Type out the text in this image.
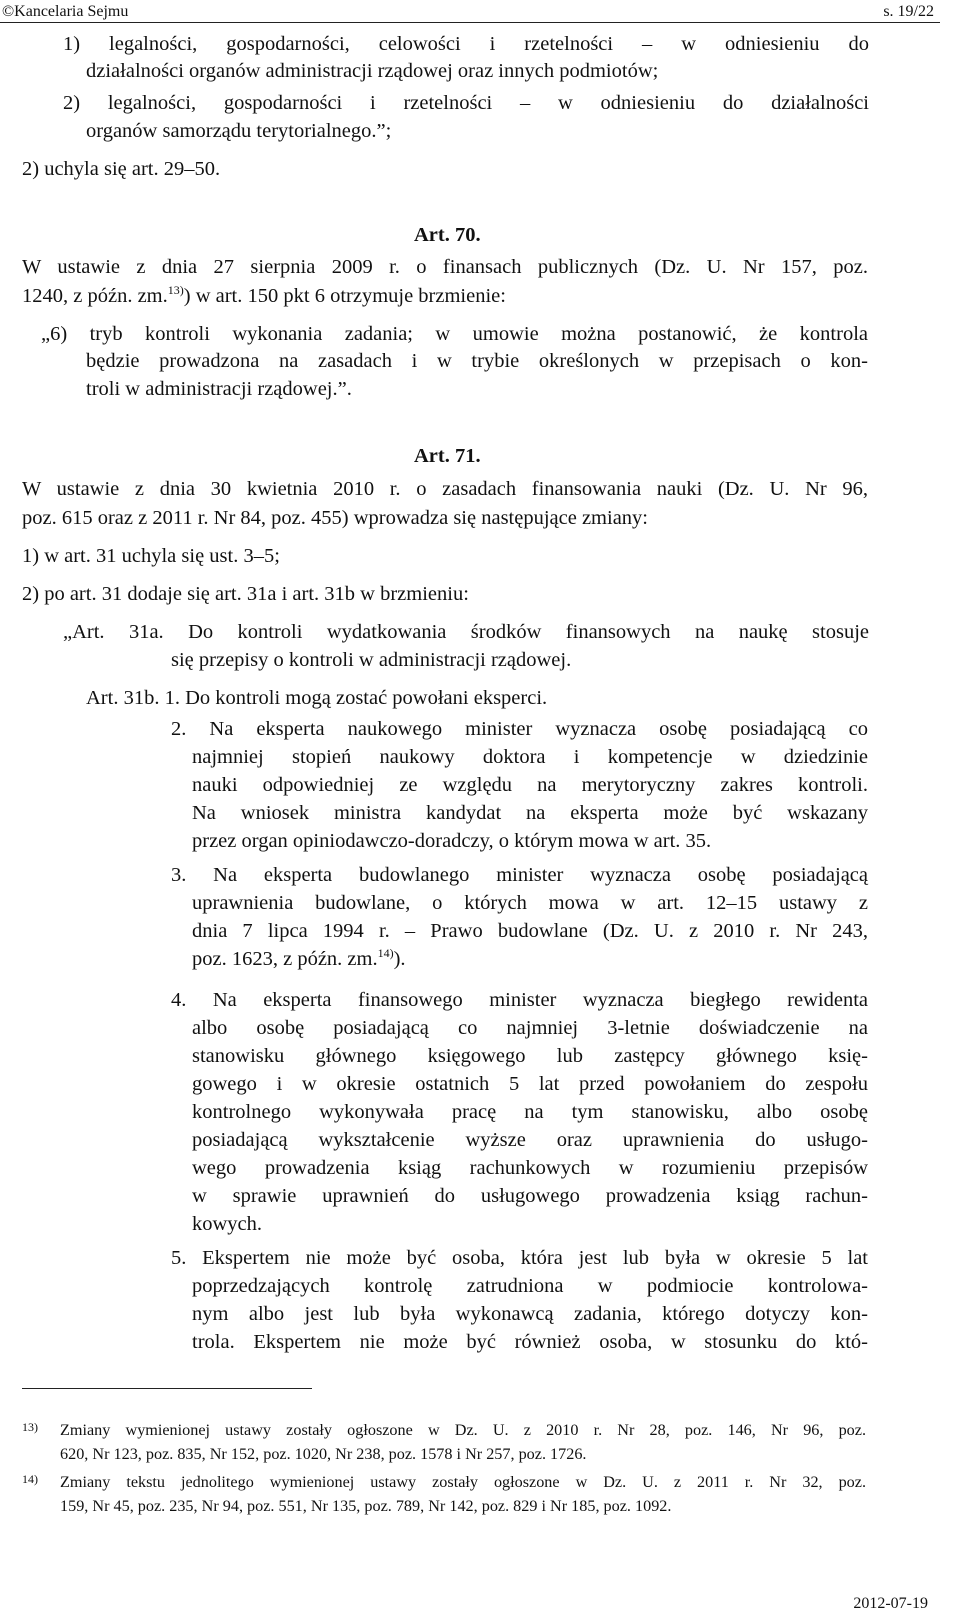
©Kancelaria Sejmu	s. 19/22
1) legalności, gospodarności, celowości i rzetelności – w odniesieniu do
działalności organów administracji rządowej oraz innych podmiotów;
2) legalności, gospodarności i rzetelności – w odniesieniu do działalności
organów samorządu terytorialnego.”;
2) uchyla się art. 29–50.
Art. 70.
W ustawie z dnia 27 sierpnia 2009 r. o finansach publicznych (Dz. U. Nr 157, poz.
1240, z późn. zm.$^{13)}$) w art. 150 pkt 6 otrzymuje brzmienie:
„6) tryb kontroli wykonania zadania; w umowie można postanowić, że kontrola
będzie prowadzona na zasadach i w trybie określonych w przepisach o kon-
troli w administracji rządowej.”.
Art. 71.
W ustawie z dnia 30 kwietnia 2010 r. o zasadach finansowania nauki (Dz. U. Nr 96,
poz. 615 oraz z 2011 r. Nr 84, poz. 455) wprowadza się następujące zmiany:
1) w art. 31 uchyla się ust. 3–5;
2) po art. 31 dodaje się art. 31a i art. 31b w brzmieniu:
„Art. 31a. Do kontroli wydatkowania środków finansowych na naukę stosuje
się przepisy o kontroli w administracji rządowej.
Art. 31b. 1. Do kontroli mogą zostać powołani eksperci.
2. Na eksperta naukowego minister wyznacza osobę posiadającą co
najmniej stopień naukowy doktora i kompetencje w dziedzinie
nauki odpowiedniej ze względu na merytoryczny zakres kontroli.
Na wniosek ministra kandydat na eksperta może być wskazany
przez organ opiniodawczo-doradczy, o którym mowa w art. 35.
3. Na eksperta budowlanego minister wyznacza osobę posiadającą
uprawnienia budowlane, o których mowa w art. 12–15 ustawy z
dnia 7 lipca 1994 r. – Prawo budowlane (Dz. U. z 2010 r. Nr 243,
poz. 1623, z późn. zm.$^{14)}$).
4. Na eksperta finansowego minister wyznacza biegłego rewidenta
albo osobę posiadającą co najmniej 3-letnie doświadczenie na
stanowisku głównego księgowego lub zastępcy głównego księ-
gowego i w okresie ostatnich 5 lat przed powołaniem do zespołu
kontrolnego wykonywała pracę na tym stanowisku, albo osobę
posiadającą wykształcenie wyższe oraz uprawnienia do usługo-
wego prowadzenia ksiąg rachunkowych w rozumieniu przepisów
w sprawie uprawnień do usługowego prowadzenia ksiąg rachun-
kowych.
5. Ekspertem nie może być osoba, która jest lub była w okresie 5 lat
poprzedzających kontrolę zatrudniona w podmiocie kontrolowa-
nym albo jest lub była wykonawcą zadania, którego dotyczy kon-
trola. Ekspertem nie może być również osoba, w stosunku do któ-
13) Zmiany wymienionej ustawy zostały ogłoszone w Dz. U. z 2010 r. Nr 28, poz. 146, Nr 96, poz.
620, Nr 123, poz. 835, Nr 152, poz. 1020, Nr 238, poz. 1578 i Nr 257, poz. 1726.
14) Zmiany tekstu jednolitego wymienionej ustawy zostały ogłoszone w Dz. U. z 2011 r. Nr 32, poz.
159, Nr 45, poz. 235, Nr 94, poz. 551, Nr 135, poz. 789, Nr 142, poz. 829 i Nr 185, poz. 1092.
2012-07-19
